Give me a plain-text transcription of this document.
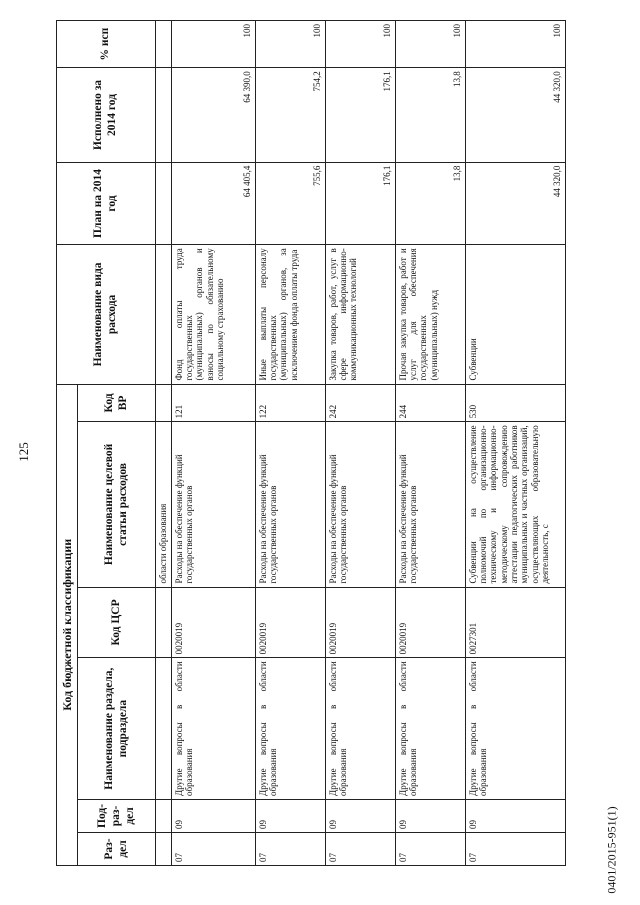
125
0401/2015-951(1)
Код бюджетной классификации						Наименование вида расхода	План на 2014 год	Исполнено за 2014 год	% исп
Раз-дел	Под-раз-дел	Наименование раздела, подраздела	Код ЦСР	Наименование целевой статьи расходов	Код ВР				
				области образования					
07	09	Другие вопросы в области образования	0020019	Расходы на обеспечение функций государственных органов	121	Фонд оплаты труда государственных (муниципальных) органов и взносы по обязательному социальному страхованию	64 405,4	64 390,0	100
07	09	Другие вопросы в области образования	0020019	Расходы на обеспечение функций государственных органов	122	Иные выплаты персоналу государственных (муниципальных) органов, за исключением фонда оплаты труда	755,6	754,2	100
07	09	Другие вопросы в области образования	0020019	Расходы на обеспечение функций государственных органов	242	Закупка товаров, работ, услуг в сфере информационно-коммуникационных технологий	176,1	176,1	100
07	09	Другие вопросы в области образования	0020019	Расходы на обеспечение функций государственных органов	244	Прочая закупка товаров, работ и услуг для обеспечения государственных (муниципальных) нужд	13,8	13,8	100
07	09	Другие вопросы в области образования	0027301	Субвенции на осуществление полномочий по организационно-техническому и информационно-методическому сопровождению аттестации педагогических работников муниципальных и частных организаций, осуществляющих образовательную деятельность, с	530	Субвенции	44 320,0	44 320,0	100
